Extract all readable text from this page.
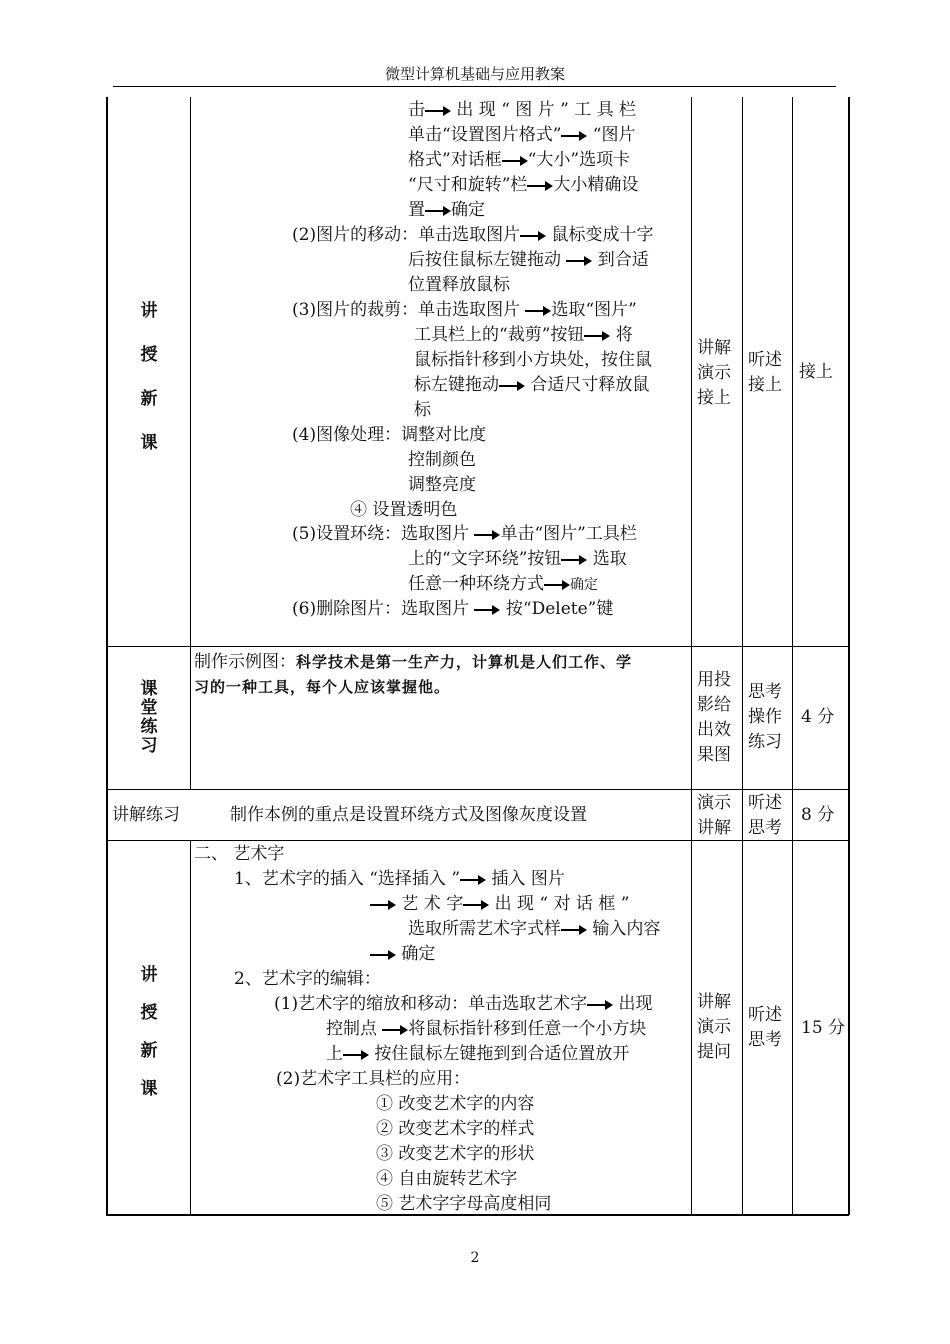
微型计算机基础与应用教案
讲
授
新
课
击 出 现 “ 图 片 ” 工 具 栏
单击“设置图片格式” “图片
格式”对话框 “大小”选项卡
“尺寸和旋转”栏 大小精确设
置 确定
(2)图片的移动：单击选取图片 鼠标变成十字
后按住鼠标左键拖动  到合适
位置释放鼠标
(3)图片的裁剪：单击选取图片 选取“图片”
工具栏上的“裁剪”按钮 将
鼠标指针移到小方块处，按住鼠
标左键拖动 合适尺寸释放鼠
标
(4)图像处理：调整对比度
控制颜色
调整亮度
④ 设置透明色
(5)设置环绕：选取图片 单击“图片”工具栏
上的“文字环绕”按钮 选取
任意一种环绕方式 确定
(6)删除图片：选取图片  按“Delete”键
讲解
演示
接上
听述
接上
接上
课
堂
练
习
制作示例图：科学技术是第一生产力，计算机是人们工作、学
习的一种工具，每个人应该掌握他。	用投
影给
出效
果图
思考
操作
练习
4 分
讲解练习	制作本例的重点是设置环绕方式及图像灰度设置
演示
讲解
听述
思考
8 分
讲
授
新
课
二、 艺术字
1、艺术字的插入 “选择插入 ” 插入 图片
艺 术 字 出 现 “ 对 话 框 ”
选取所需艺术字式样 输入内容
确定
2、艺术字的编辑：
(1)艺术字的缩放和移动：单击选取艺术字 出现
控制点 将鼠标指针移到任意一个小方块
上 按住鼠标左键拖到到合适位置放开
(2)艺术字工具栏的应用：
① 改变艺术字的内容
② 改变艺术字的样式
③ 改变艺术字的形状
④ 自由旋转艺术字
⑤ 艺术字字母高度相同
讲解
演示
提问
听述
思考
15 分
2
